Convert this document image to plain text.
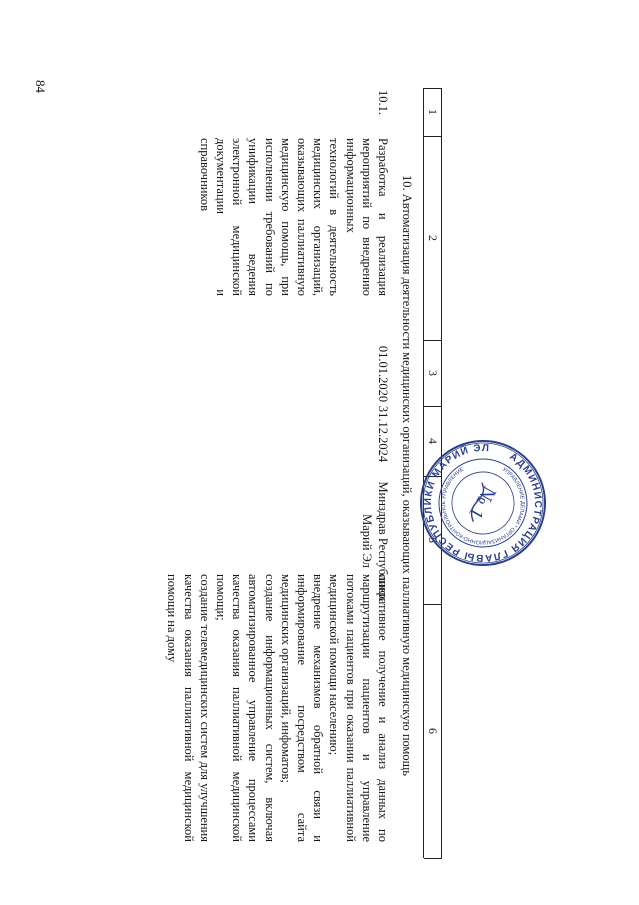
84
1
2
3
4
5
6
10. Автоматизация деятельности медицинских организаций, оказывающих паллиативную медицинскую помощь
10.1.
Разработка и реализация мероприятий по внедрению информационных технологий в деятельность медицинских организаций, оказывающих паллиативную медицинскую помощь, при исполнении требований по унификации ведения электронной медицинской документации и справочников
01.01.2020
31.12.2024
Минздрав Республики Марий Эл

оперативное получение и анализ данных по маршрутизации пациентов и управление потоками пациентов при оказании паллиативной медицинской помощи населению;

внедрение механизмов обратной связи и информирование посредством сайта медицинских организаций, инфоматов;

создание информационных систем, включая автоматизированное управление процессами качества оказания паллиативной медицинской помощи;

создание телемедицинских систем для улучшения качества оказания паллиативной медицинской помощи на дому

АДМИНИСТРАЦИЯ ГЛАВЫ РЕСПУБЛИКИ МАРИЙ ЭЛ
УПРАВЛЕНИЕ ДЕЛАМИ * ОРГАНИЗАЦИОННО-КОНТРОЛЬНОЕ УПРАВЛЕНИЕ
№ 1
